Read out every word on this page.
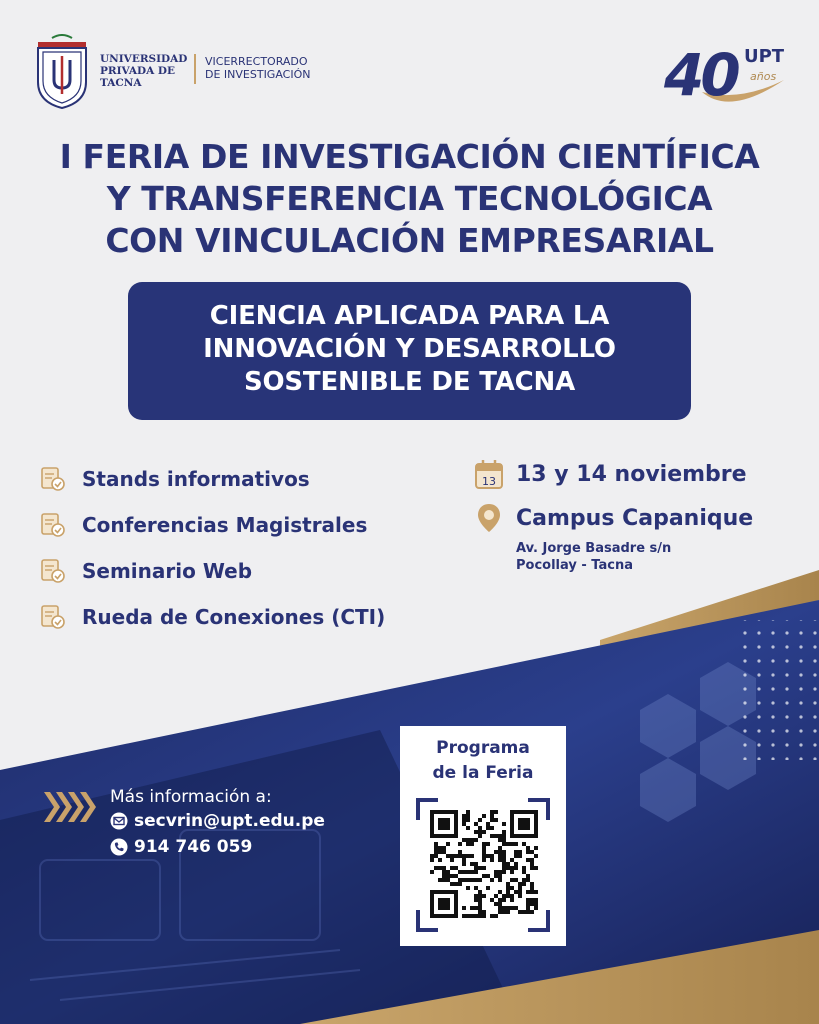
UNIVERSIDAD
PRIVADA DE
TACNA
VICERRECTORADO
DE INVESTIGACIÓN	40 UPT
años
I FERIA DE INVESTIGACIÓN CIENTÍFICA
Y TRANSFERENCIA TECNOLÓGICA
CON VINCULACIÓN EMPRESARIAL
CIENCIA APLICADA PARA LA
INNOVACIÓN Y DESARROLLO
SOSTENIBLE DE TACNA
Stands informativos
Conferencias Magistrales
Seminario Web
Rueda de Conexiones (CTI)
13 13 y 14 noviembre
Campus Capanique
Av. Jorge Basadre s/n
Pocollay - Tacna
Más información a:
secvrin@upt.edu.pe
914 746 059
Programa
de la Feria
